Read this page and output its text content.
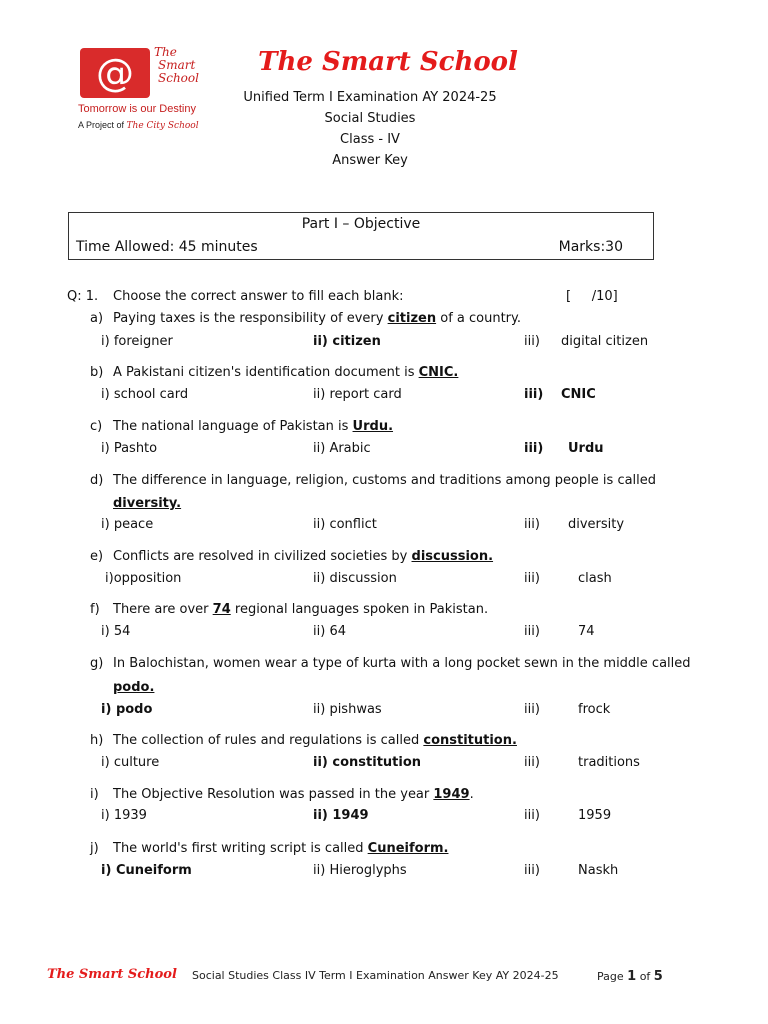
@	The
Smart
School
Tomorrow is our Destiny
A Project of The City School
The Smart School
Unified Term I Examination AY 2024-25
Social Studies
Class - IV
Answer Key
Part I – Objective
Time Allowed: 45 minutes	Marks:30
Q: 1. Choose the correct answer to fill each blank:	[     /10]
a) Paying taxes is the responsibility of every citizen of a country.
i) foreigner	ii) citizen	iii) digital citizen
b) A Pakistani citizen's identification document is CNIC.
i) school card	ii) report card	iii) CNIC
c) The national language of Pakistan is Urdu.
i) Pashto	ii) Arabic	iii) Urdu
d) The difference in language, religion, customs and traditions among people is called
diversity.
i) peace	ii) conflict	iii) diversity
e) Conflicts are resolved in civilized societies by discussion.
i)opposition	ii) discussion	iii)	clash
f) There are over 74 regional languages spoken in Pakistan.
i) 54	ii) 64	iii)	74
g) In Balochistan, women wear a type of kurta with a long pocket sewn in the middle called
podo.
i) podo	ii) pishwas	iii)	frock
h) The collection of rules and regulations is called constitution.
i) culture	ii) constitution	iii)	traditions
i) The Objective Resolution was passed in the year 1949.
i) 1939	ii) 1949	iii)	1959
j) The world's first writing script is called Cuneiform.
i) Cuneiform	ii) Hieroglyphs	iii)	Naskh
The Smart School Social Studies Class IV Term I Examination Answer Key AY 2024-25	Page 1 of 5
